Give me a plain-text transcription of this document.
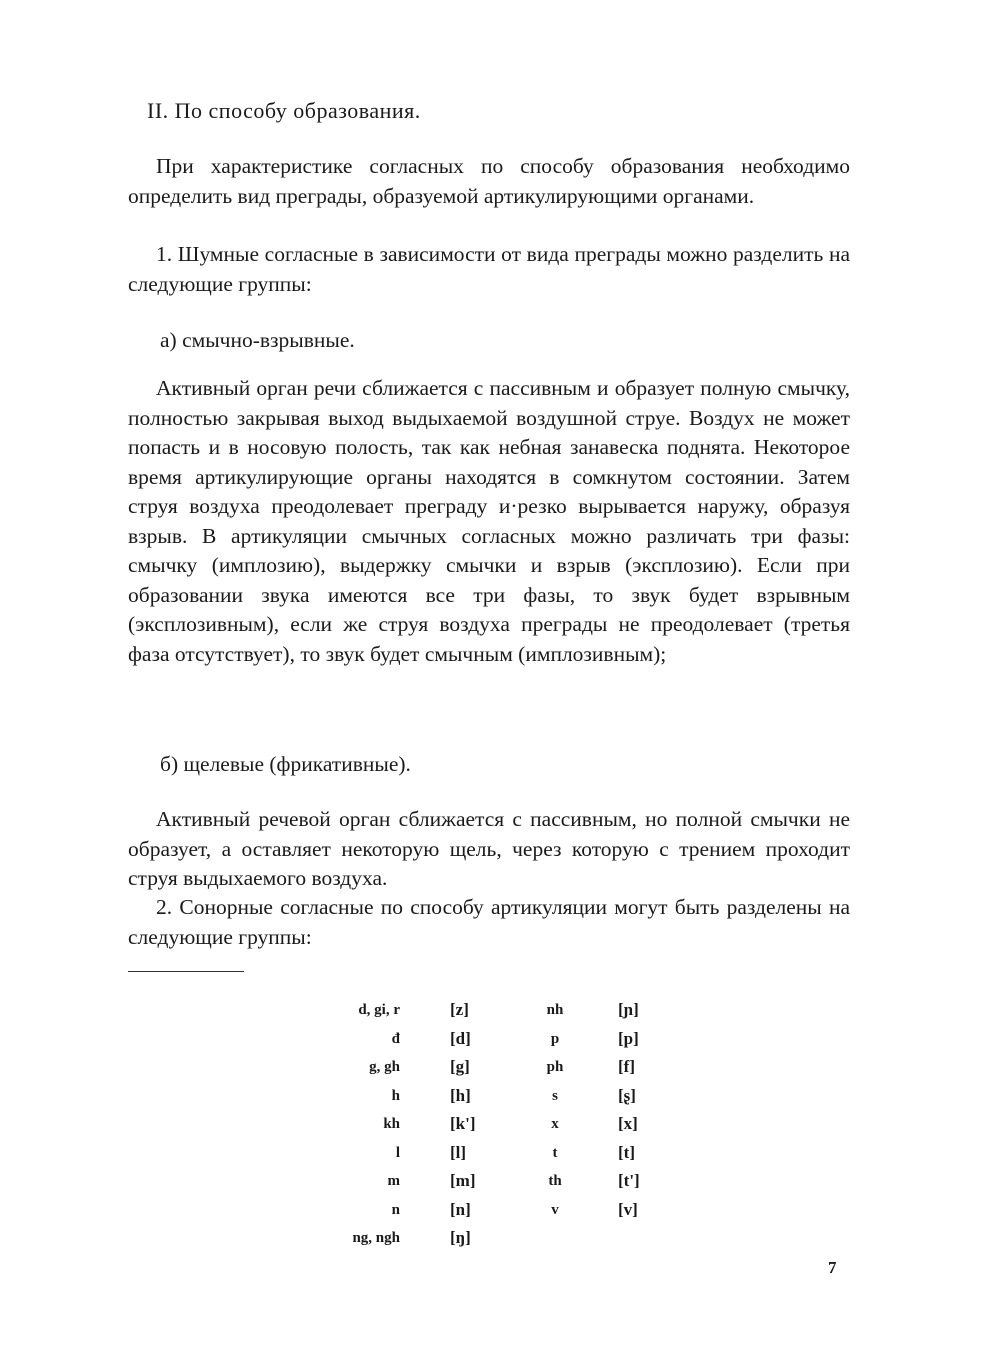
II. По способу образования.

При характеристике согласных по способу образования необходимо определить вид преграды, образуемой артикулирующими органами.

1. Шумные согласные в зависимости от вида преграды можно разделить на следующие группы:

а) смычно-взрывные.

Активный орган речи сближается с пассивным и образует полную смычку, полностью закрывая выход выдыхаемой воздушной струе. Воздух не может попасть и в носовую полость, так как небная занавеска поднята. Некоторое время артикулирующие органы находятся в сомкнутом состоянии. Затем струя воздуха преодолевает преграду и·резко вырывается наружу, образуя взрыв. В артикуляции смычных согласных можно различать три фазы: смычку (имплозию), выдержку смычки и взрыв (эксплозию). Если при образовании звука имеются все три фазы, то звук будет взрывным (эксплозивным), если же струя воздуха преграды не преодолевает (третья фаза отсутствует), то звук будет смычным (имплозивным);

б) щелевые (фрикативные).

Активный речевой орган сближается с пассивным, но полной смычки не образует, а оставляет некоторую щель, через которую с трением проходит струя выдыхаемого воздуха.

2. Сонорные согласные по способу артикуляции могут быть разделены на следующие группы:

d, gi, r	[z]	nh	[ɲ]
đ	[d]	p	[p]
g, gh	[g]	ph	[f]
h	[h]	s	[ʂ]
kh	[k']	x	[x]
l	[l]	t	[t]
m	[m]	th	[t']
n	[n]	v	[v]
ng, ngh	[ŋ]
7
